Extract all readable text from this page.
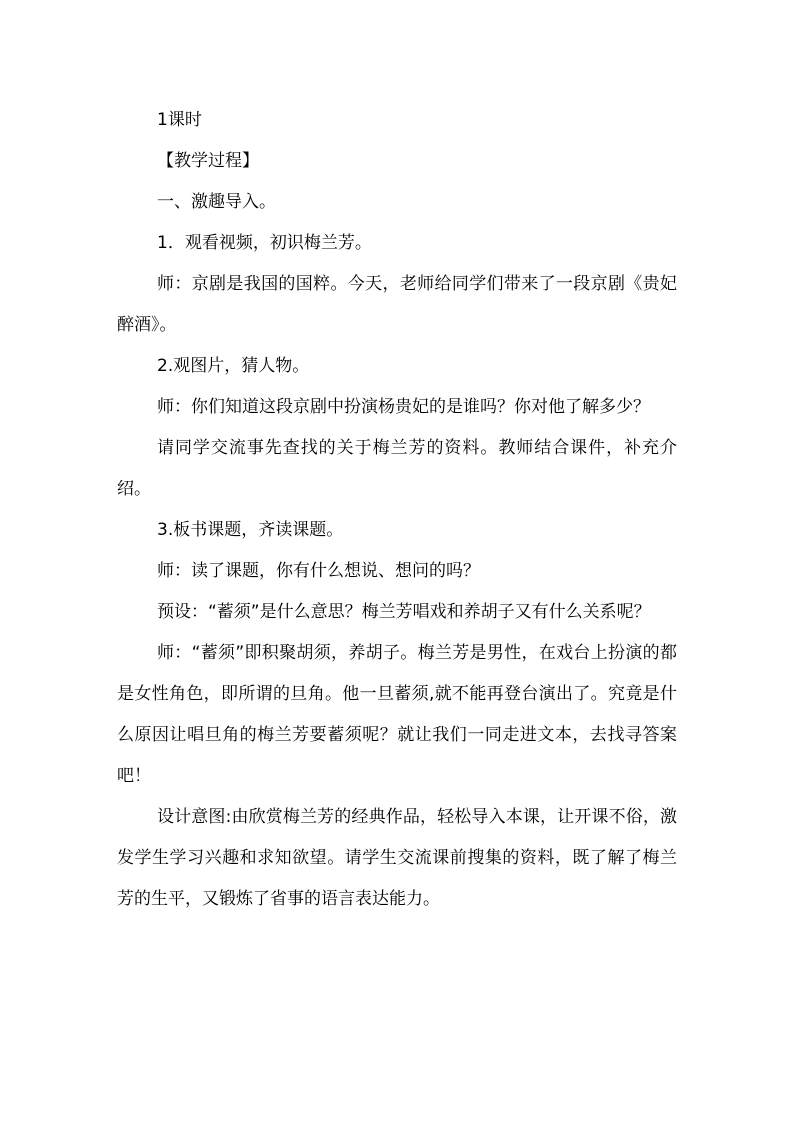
1课时

【教学过程】

一、激趣导入。

1．观看视频，初识梅兰芳。

师：京剧是我国的国粹。今天，老师给同学们带来了一段京剧《贵妃醉酒》。

2.观图片，猜人物。

师：你们知道这段京剧中扮演杨贵妃的是谁吗？你对他了解多少？

请同学交流事先查找的关于梅兰芳的资料。教师结合课件，补充介绍。

3.板书课题，齐读课题。

师：读了课题，你有什么想说、想问的吗？

预设：“蓄须”是什么意思？梅兰芳唱戏和养胡子又有什么关系呢？

师：“蓄须”即积聚胡须，养胡子。梅兰芳是男性，在戏台上扮演的都是女性角色，即所谓的旦角。他一旦蓄须,就不能再登台演出了。究竟是什么原因让唱旦角的梅兰芳要蓄须呢？就让我们一同走进文本，去找寻答案吧！

设计意图:由欣赏梅兰芳的经典作品，轻松导入本课，让开课不俗，激发学生学习兴趣和求知欲望。请学生交流课前搜集的资料，既了解了梅兰芳的生平，又锻炼了省事的语言表达能力。
